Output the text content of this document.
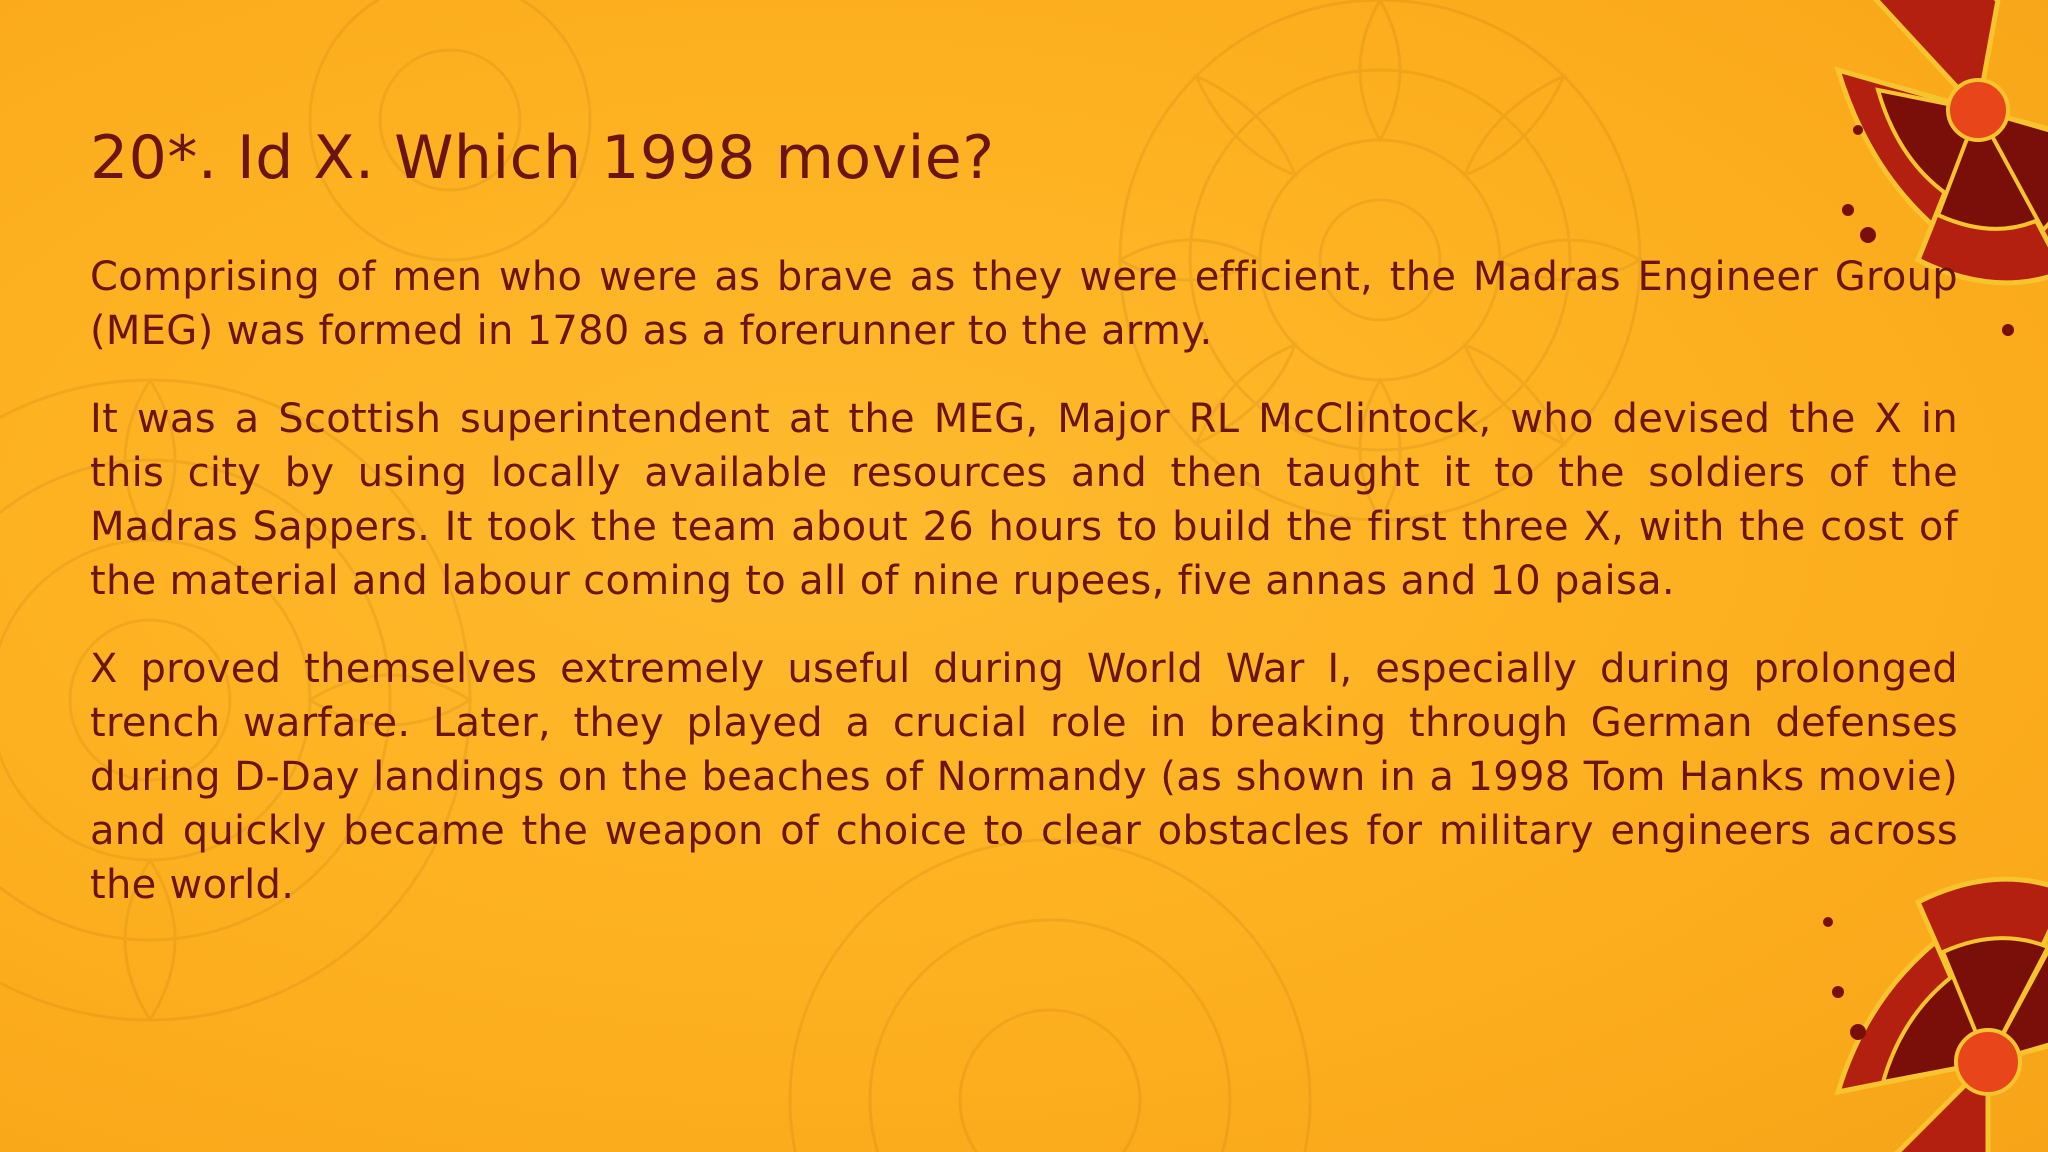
20*. Id X. Which 1998 movie?

Comprising of men who were as brave as they were efficient, the Madras Engineer Group (MEG) was formed in 1780 as a forerunner to the army.

It was a Scottish superintendent at the MEG, Major RL McClintock, who devised the X in this city by using locally available resources and then taught it to the soldiers of the Madras Sappers. It took the team about 26 hours to build the first three X, with the cost of the material and labour coming to all of nine rupees, five annas and 10 paisa.

X proved themselves extremely useful during World War I, especially during prolonged trench warfare. Later, they played a crucial role in breaking through German defenses during D-Day landings on the beaches of Normandy (as shown in a 1998 Tom Hanks movie) and quickly became the weapon of choice to clear obstacles for military engineers across the world.
